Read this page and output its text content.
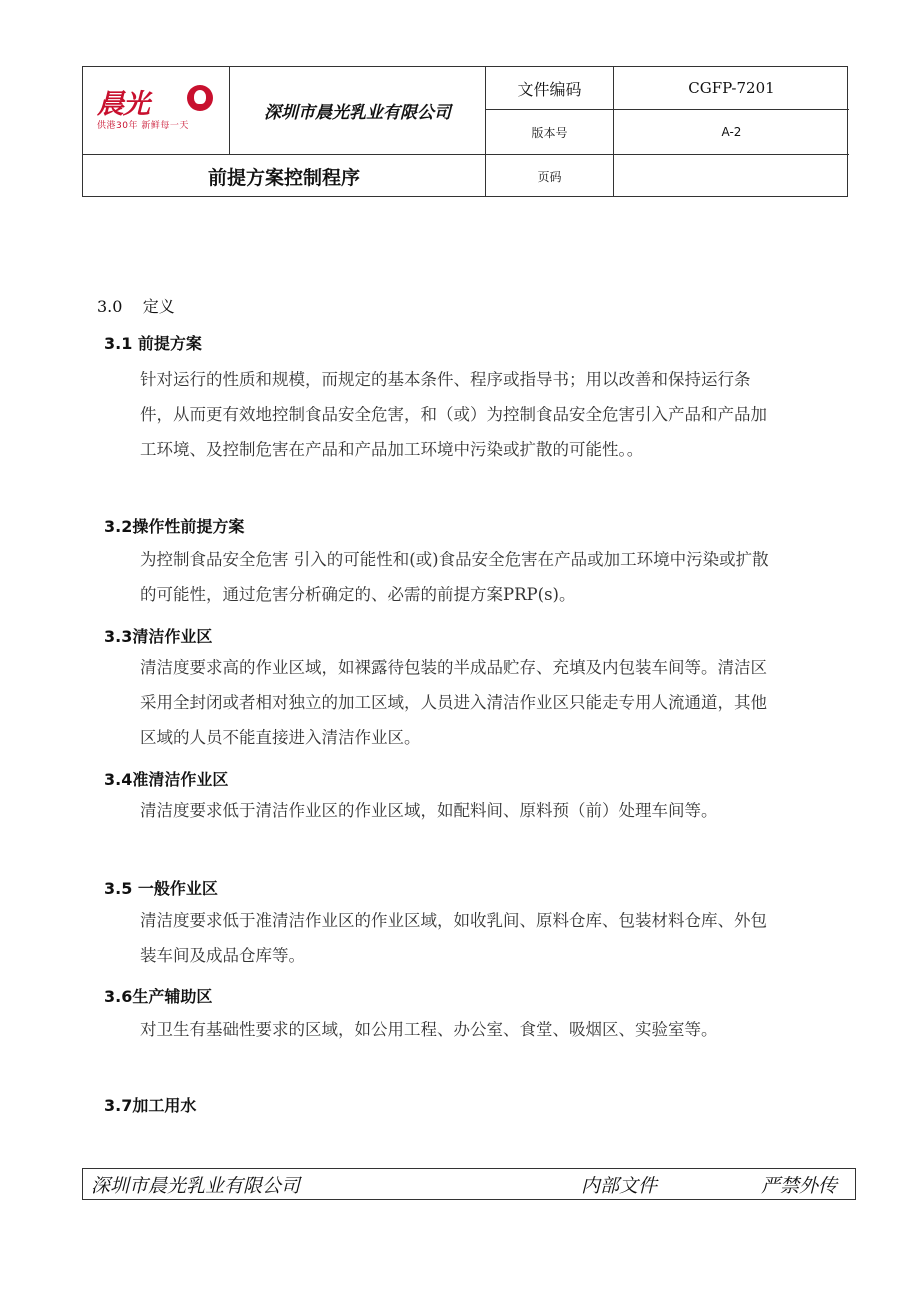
晨光
供港30年 新鲜每一天
深圳市晨光乳业有限公司
文件编码	CGFP-7201
版本号	A-2
前提方案控制程序	页码
3.0 定义
3.1 前提方案
针对运行的性质和规模，而规定的基本条件、程序或指导书；用以改善和保持运行条件，从而更有效地控制食品安全危害，和（或）为控制食品安全危害引入产品和产品加工环境、及控制危害在产品和产品加工环境中污染或扩散的可能性。。
3.2操作性前提方案
为控制食品安全危害 引入的可能性和(或)食品安全危害在产品或加工环境中污染或扩散的可能性，通过危害分析确定的、必需的前提方案PRP(s)。
3.3清洁作业区
清洁度要求高的作业区域，如裸露待包装的半成品贮存、充填及内包装车间等。清洁区采用全封闭或者相对独立的加工区域，人员进入清洁作业区只能走专用人流通道，其他区域的人员不能直接进入清洁作业区。
3.4准清洁作业区
清洁度要求低于清洁作业区的作业区域，如配料间、原料预（前）处理车间等。
3.5 一般作业区
清洁度要求低于准清洁作业区的作业区域，如收乳间、原料仓库、包装材料仓库、外包装车间及成品仓库等。
3.6生产辅助区
对卫生有基础性要求的区域，如公用工程、办公室、食堂、吸烟区、实验室等。
3.7加工用水
深圳市晨光乳业有限公司	内部文件	严禁外传
